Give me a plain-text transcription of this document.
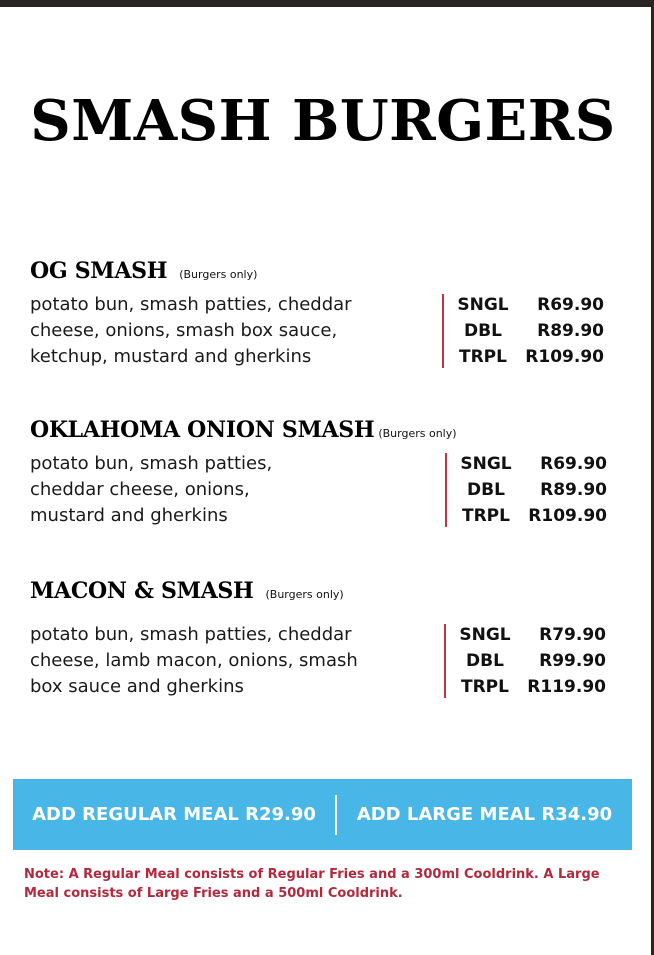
SMASH BURGERS
OG SMASH (Burgers only)
potato bun, smash patties, cheddar
cheese, onions, smash box sauce,
ketchup, mustard and gherkins
SNGL	R69.90
DBL	R89.90
TRPL	R109.90
OKLAHOMA ONION SMASH (Burgers only)
potato bun, smash patties,
cheddar cheese, onions,
mustard and gherkins
SNGL	R69.90
DBL	R89.90
TRPL	R109.90
MACON & SMASH (Burgers only)
potato bun, smash patties, cheddar
cheese, lamb macon, onions, smash
box sauce and gherkins
SNGL	R79.90
DBL	R99.90
TRPL	R119.90
ADD REGULAR MEAL R29.90	ADD LARGE MEAL R34.90

Note: A Regular Meal consists of Regular Fries and a 300ml Cooldrink. A Large Meal consists of Large Fries and a 500ml Cooldrink.
